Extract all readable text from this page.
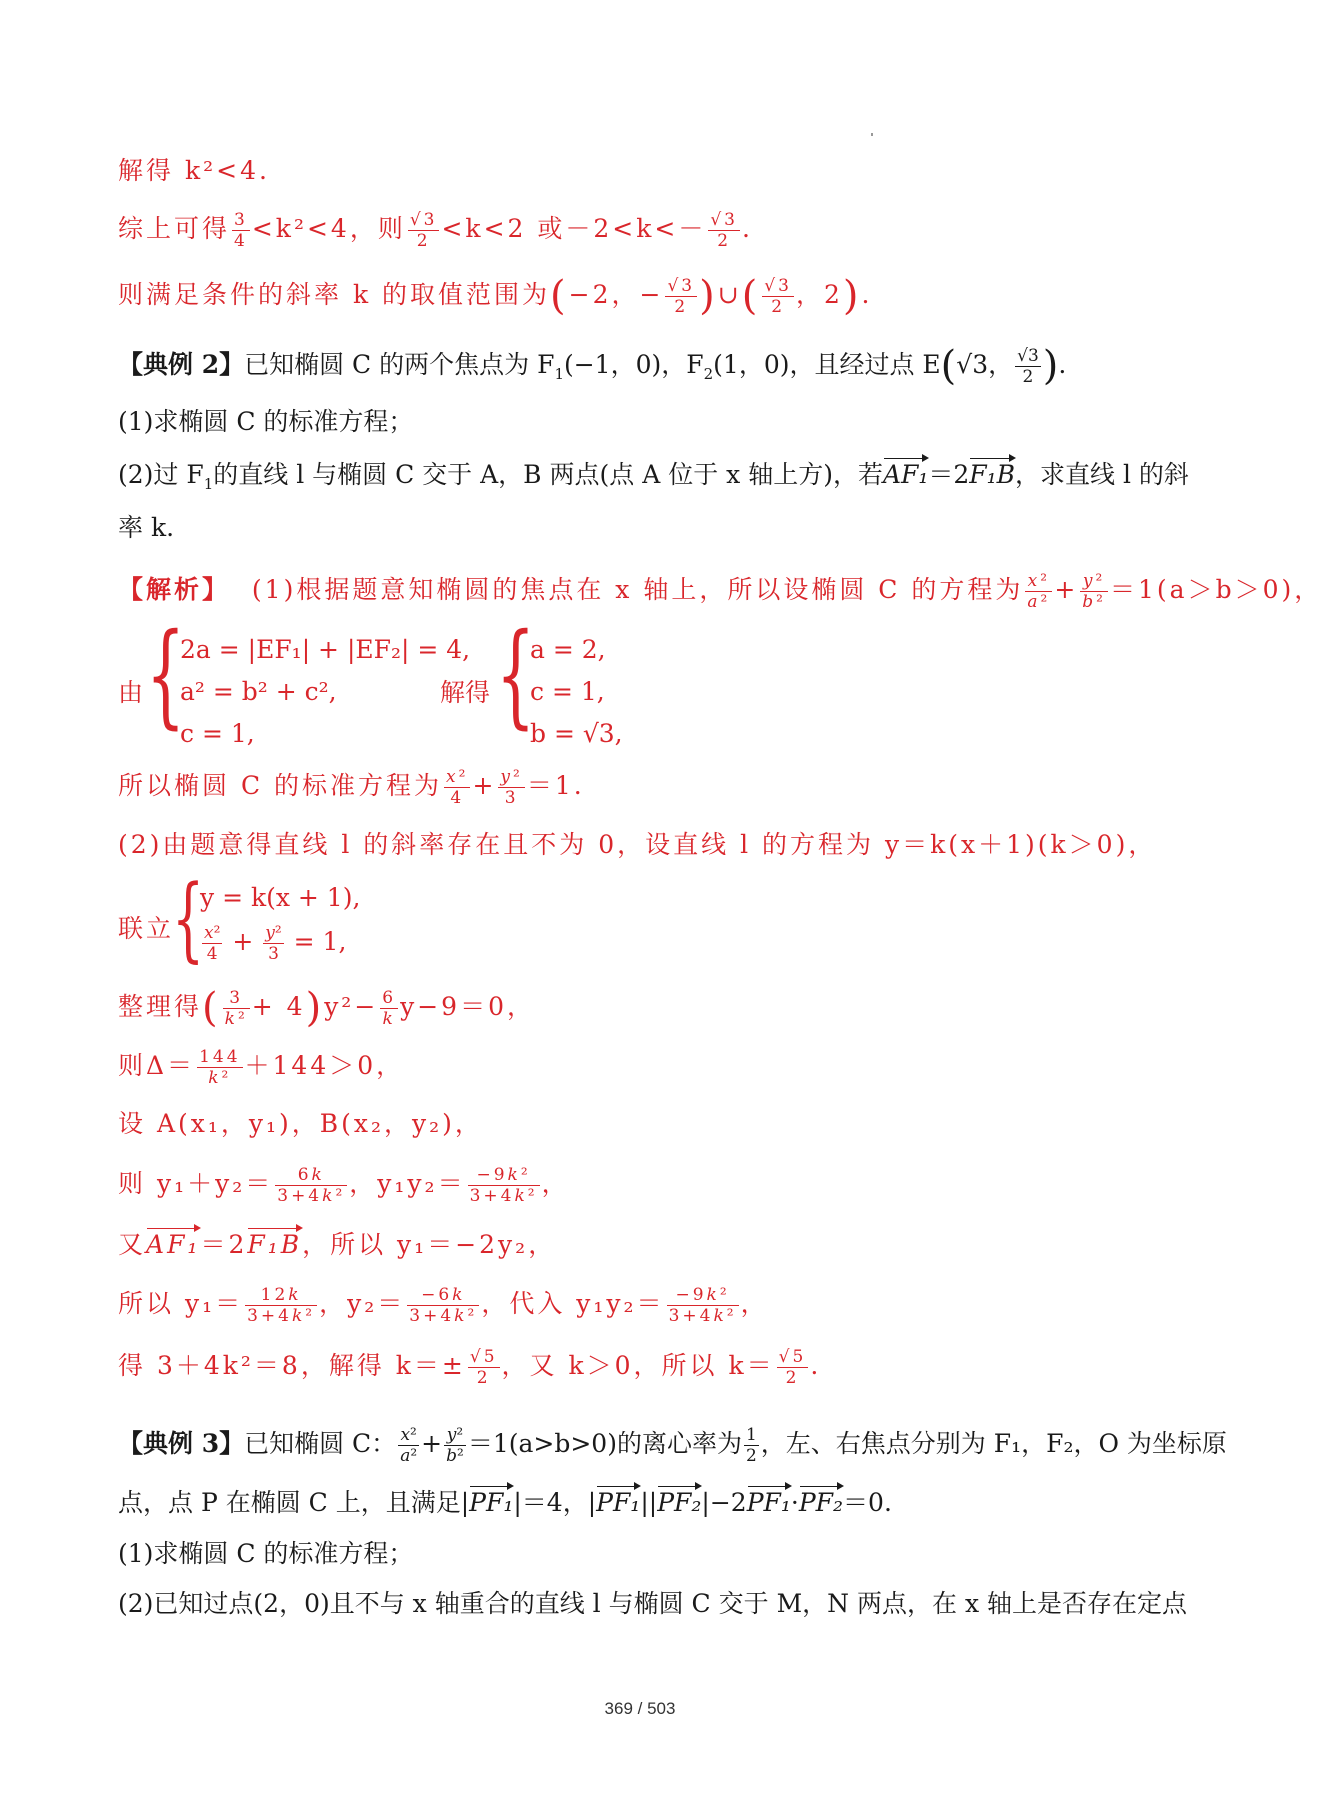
解得 k²<4.
综上可得 $\frac{3}{4} <k^2<4$，则 $\frac{√3}{2} <k<2$ 或$-2<k<- \frac{√3}{2}$ .
则满足条件的斜率 k 的取值范围为(−2，− $\frac{√3}{2}$ )∪( $\frac{√3}{2}$ ，2).
【典例 2】已知椭圆 C 的两个焦点为 $F_1(-1$，0)，$F_2(1$，0)，且经过点 E(√3， $\frac{√3}{2}$ ).
(1)求椭圆 C 的标准方程；
(2)过 $F_1$的直线 l 与椭圆 C 交于 A，B 两点(点 A 位于 x 轴上方)，若AF₁＝2F₁B，求直线 l 的斜
率 k.
【解析】 (1)根据题意知椭圆的焦点在 x 轴上，所以设椭圆 C 的方程为 $\frac{\text{x²}}{\text{a²}} + \frac{\text{y²}}{\text{b²}} =1(a>b>0)$，
由 {
2a = |EF₁| + |EF₂| = 4,
a² = b² + c²,
c = 1,
解得 {
a = 2,
c = 1,
b = √3,
所以椭圆 C 的标准方程为 $\frac{\text{x²}}{4} + \frac{\text{y²}}{3} =1$.
(2)由题意得直线 l 的斜率存在且不为 0，设直线 l 的方程为 y＝k(x＋1)(k＞0)，
联立
{
y = k(x + 1),
$\frac{\text{x²}}{4} + \frac{\text{y²}}{3} = 1$,
整理得( $\frac{3}{\text{k²}} + 4)y^2- \frac{6}{k} y-9=0$，
则$\Delta= \frac{144}{\text{k²}} +144>0$，
设 A(x₁，y₁)，B(x₂，y₂)，
则 $y_1+y_2= \frac{6k}{\text{3+4k²}}$ ，$y_1y_2= \frac{\text{−9k²}}{\text{3+4k²}}$ ，
又AF₁＝2F₁B，所以 y₁＝−2y₂，
所以 $y_1= \frac{12k}{\text{3+4k²}}$ ，$y_2= \frac{-6k}{\text{3+4k²}}$ ，代入 $y_1y_2= \frac{\text{−9k²}}{\text{3+4k²}}$ ，
得 3＋4k²＝8，解得 $k=\pm \frac{√5}{2}$ ，又 k＞0，所以 $k= \frac{√5}{2}$ .
【典例 3】已知椭圆 C： $\frac{\text{x²}}{\text{a²}} + \frac{\text{y²}}{\text{b²}} =1(a>b>0)$的离心率为 $\frac{1}{2}$ ，左、右焦点分别为 F₁，F₂，O 为坐标原
点，点 P 在椭圆 C 上，且满足|PF₁|＝4，|PF₁||PF₂|−2PF₁·PF₂＝0.
(1)求椭圆 C 的标准方程；
(2)已知过点(2，0)且不与 x 轴重合的直线 l 与椭圆 C 交于 M，N 两点，在 x 轴上是否存在定点
369 / 503
